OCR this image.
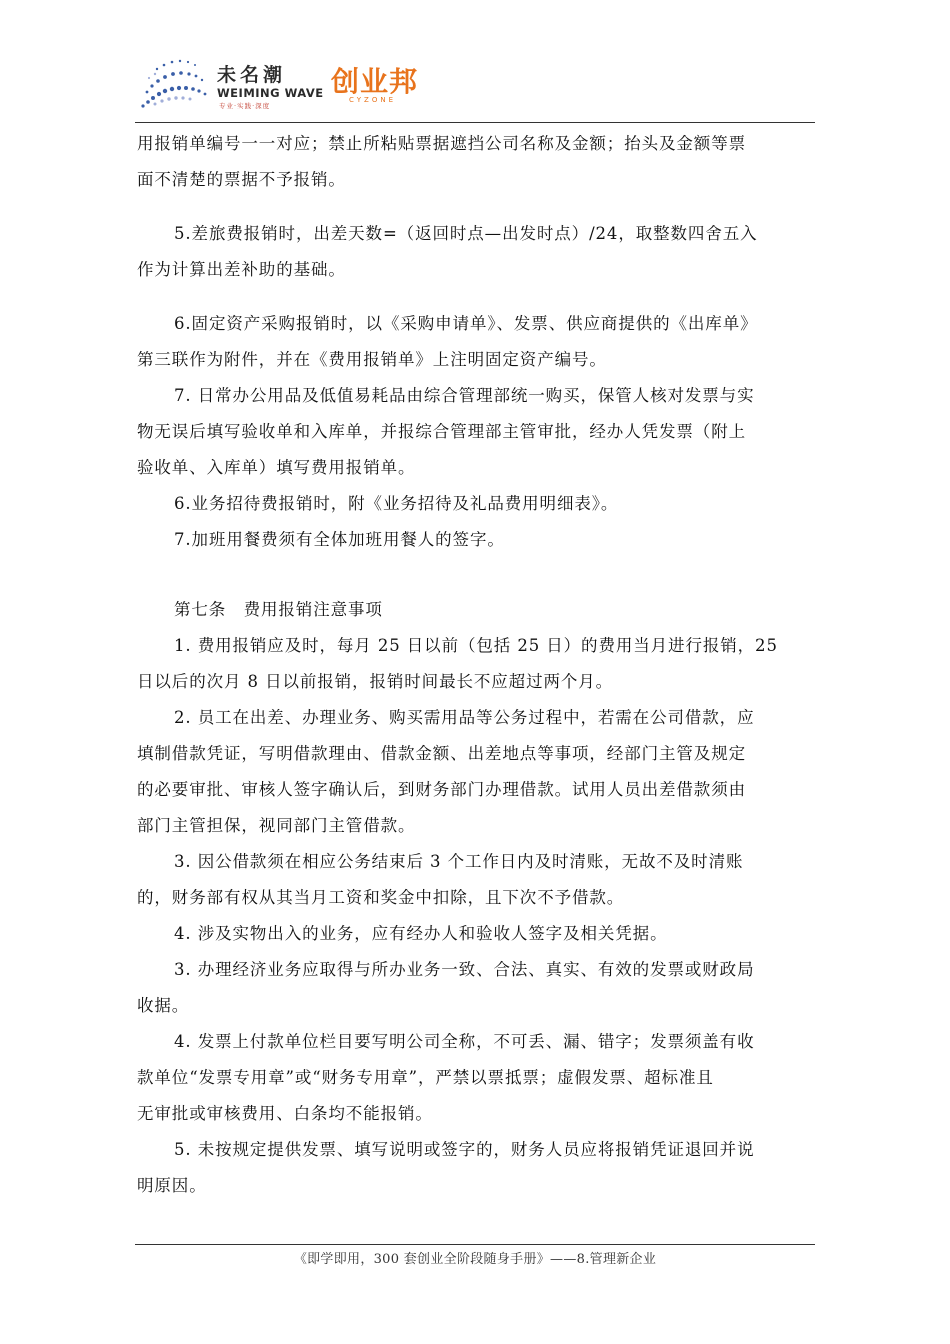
未名潮
WEIMING WAVE
专业·实践·深度
创业邦
CYZONE
用报销单编号一一对应；禁止所粘贴票据遮挡公司名称及金额；抬头及金额等票
面不清楚的票据不予报销。
5.差旅费报销时，出差天数=（返回时点—出发时点）/24，取整数四舍五入
作为计算出差补助的基础。
6.固定资产采购报销时，以《采购申请单》、发票、供应商提供的《出库单》
第三联作为附件，并在《费用报销单》上注明固定资产编号。
7. 日常办公用品及低值易耗品由综合管理部统一购买，保管人核对发票与实
物无误后填写验收单和入库单，并报综合管理部主管审批，经办人凭发票（附上
验收单、入库单）填写费用报销单。
6.业务招待费报销时，附《业务招待及礼品费用明细表》。
7.加班用餐费须有全体加班用餐人的签字。
第七条　费用报销注意事项
1. 费用报销应及时，每月 25 日以前（包括 25 日）的费用当月进行报销，25
日以后的次月 8 日以前报销，报销时间最长不应超过两个月。
2. 员工在出差、办理业务、购买需用品等公务过程中，若需在公司借款，应
填制借款凭证，写明借款理由、借款金额、出差地点等事项，经部门主管及规定
的必要审批、审核人签字确认后，到财务部门办理借款。试用人员出差借款须由
部门主管担保，视同部门主管借款。
3. 因公借款须在相应公务结束后 3 个工作日内及时清账，无故不及时清账
的，财务部有权从其当月工资和奖金中扣除，且下次不予借款。
4. 涉及实物出入的业务，应有经办人和验收人签字及相关凭据。
3. 办理经济业务应取得与所办业务一致、合法、真实、有效的发票或财政局
收据。
4. 发票上付款单位栏目要写明公司全称，不可丢、漏、错字；发票须盖有收
款单位“发票专用章”或“财务专用章”，严禁以票抵票；虚假发票、超标准且
无审批或审核费用、白条均不能报销。
5. 未按规定提供发票、填写说明或签字的，财务人员应将报销凭证退回并说
明原因。
《即学即用，300 套创业全阶段随身手册》——8.管理新企业
